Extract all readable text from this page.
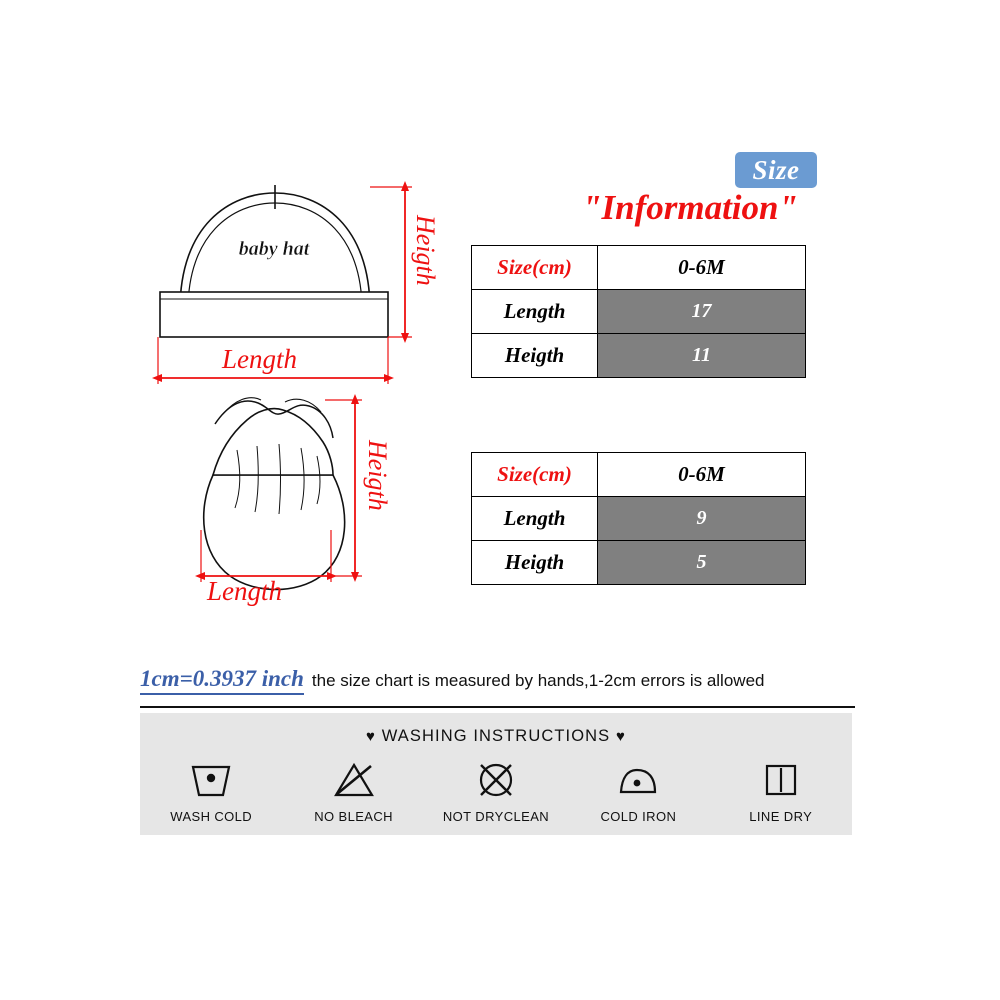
Size
"Information"
baby hat	Heigth
Length
Heigth
Length
Size(cm)	0-6M
Length	17
Heigth	11
Size(cm)	0-6M
Length	9
Heigth	5
1cm=0.3937 inch the size chart is measured by hands,1-2cm errors is allowed
♥ WASHING INSTRUCTIONS ♥
WASH COLD	NO BLEACH	NOT DRYCLEAN	COLD IRON	LINE DRY
